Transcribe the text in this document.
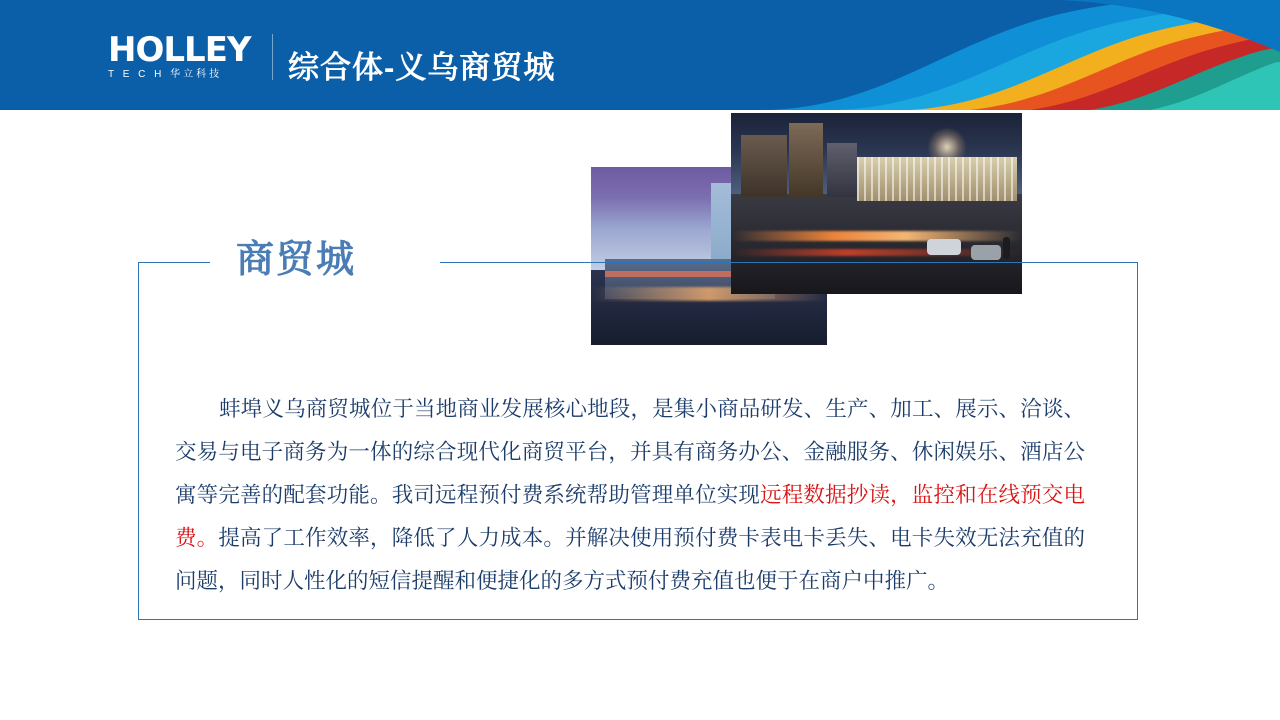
HOLLEY
T E C H 华立科技	综合体-义乌商贸城
商贸城
蚌埠义乌商贸城位于当地商业发展核心地段，是集小商品研发、生产、加工、展示、洽谈、交易与电子商务为一体的综合现代化商贸平台，并具有商务办公、金融服务、休闲娱乐、酒店公寓等完善的配套功能。我司远程预付费系统帮助管理单位实现远程数据抄读，监控和在线预交电费。提高了工作效率，降低了人力成本。并解决使用预付费卡表电卡丢失、电卡失效无法充值的问题，同时人性化的短信提醒和便捷化的多方式预付费充值也便于在商户中推广。
